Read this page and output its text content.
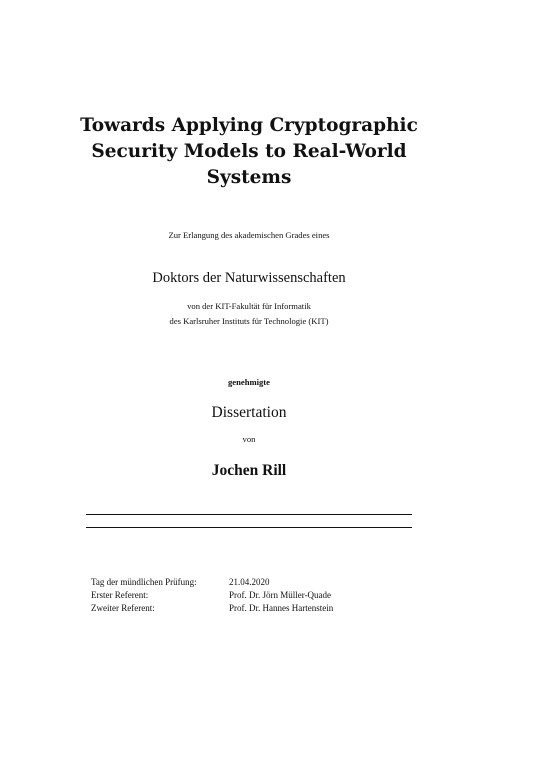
Towards Applying Cryptographic
Security Models to Real-World
Systems
Zur Erlangung des akademischen Grades eines
Doktors der Naturwissenschaften
von der KIT-Fakultät für Informatik
des Karlsruher Instituts für Technologie (KIT)
genehmigte
Dissertation
von
Jochen Rill
Tag der mündlichen Prüfung:	21.04.2020
Erster Referent:	Prof. Dr. Jörn Müller-Quade
Zweiter Referent:	Prof. Dr. Hannes Hartenstein
